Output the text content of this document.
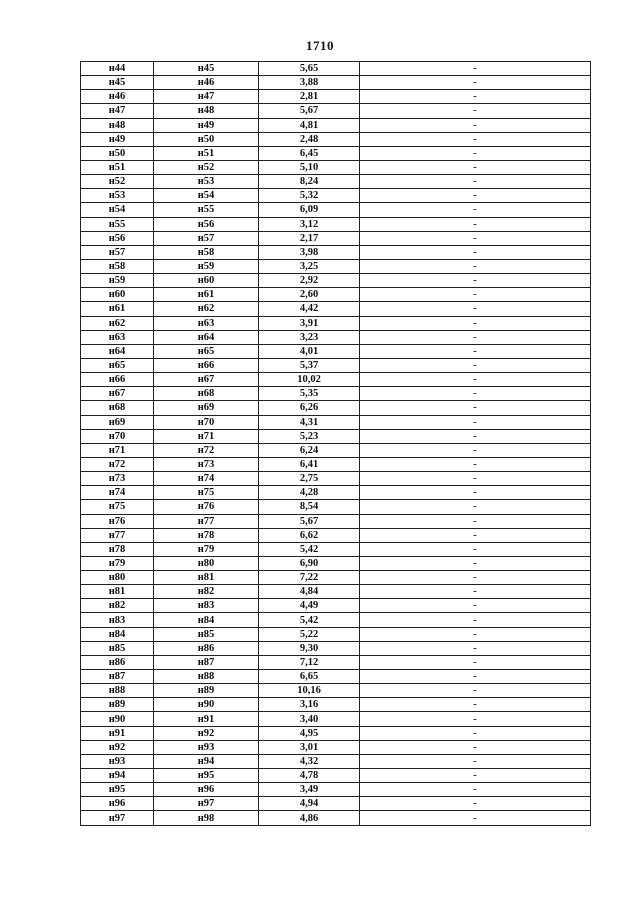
1710
н44	н45	5,65	-
н45	н46	3,88	-
н46	н47	2,81	-
н47	н48	5,67	-
н48	н49	4,81	-
н49	н50	2,48	-
н50	н51	6,45	-
н51	н52	5,10	-
н52	н53	8,24	-
н53	н54	5,32	-
н54	н55	6,09	-
н55	н56	3,12	-
н56	н57	2,17	-
н57	н58	3,98	-
н58	н59	3,25	-
н59	н60	2,92	-
н60	н61	2,60	-
н61	н62	4,42	-
н62	н63	3,91	-
н63	н64	3,23	-
н64	н65	4,01	-
н65	н66	5,37	-
н66	н67	10,02	-
н67	н68	5,35	-
н68	н69	6,26	-
н69	н70	4,31	-
н70	н71	5,23	-
н71	н72	6,24	-
н72	н73	6,41	-
н73	н74	2,75	-
н74	н75	4,28	-
н75	н76	8,54	-
н76	н77	5,67	-
н77	н78	6,62	-
н78	н79	5,42	-
н79	н80	6,90	-
н80	н81	7,22	-
н81	н82	4,84	-
н82	н83	4,49	-
н83	н84	5,42	-
н84	н85	5,22	-
н85	н86	9,30	-
н86	н87	7,12	-
н87	н88	6,65	-
н88	н89	10,16	-
н89	н90	3,16	-
н90	н91	3,40	-
н91	н92	4,95	-
н92	н93	3,01	-
н93	н94	4,32	-
н94	н95	4,78	-
н95	н96	3,49	-
н96	н97	4,94	-
н97	н98	4,86	-
